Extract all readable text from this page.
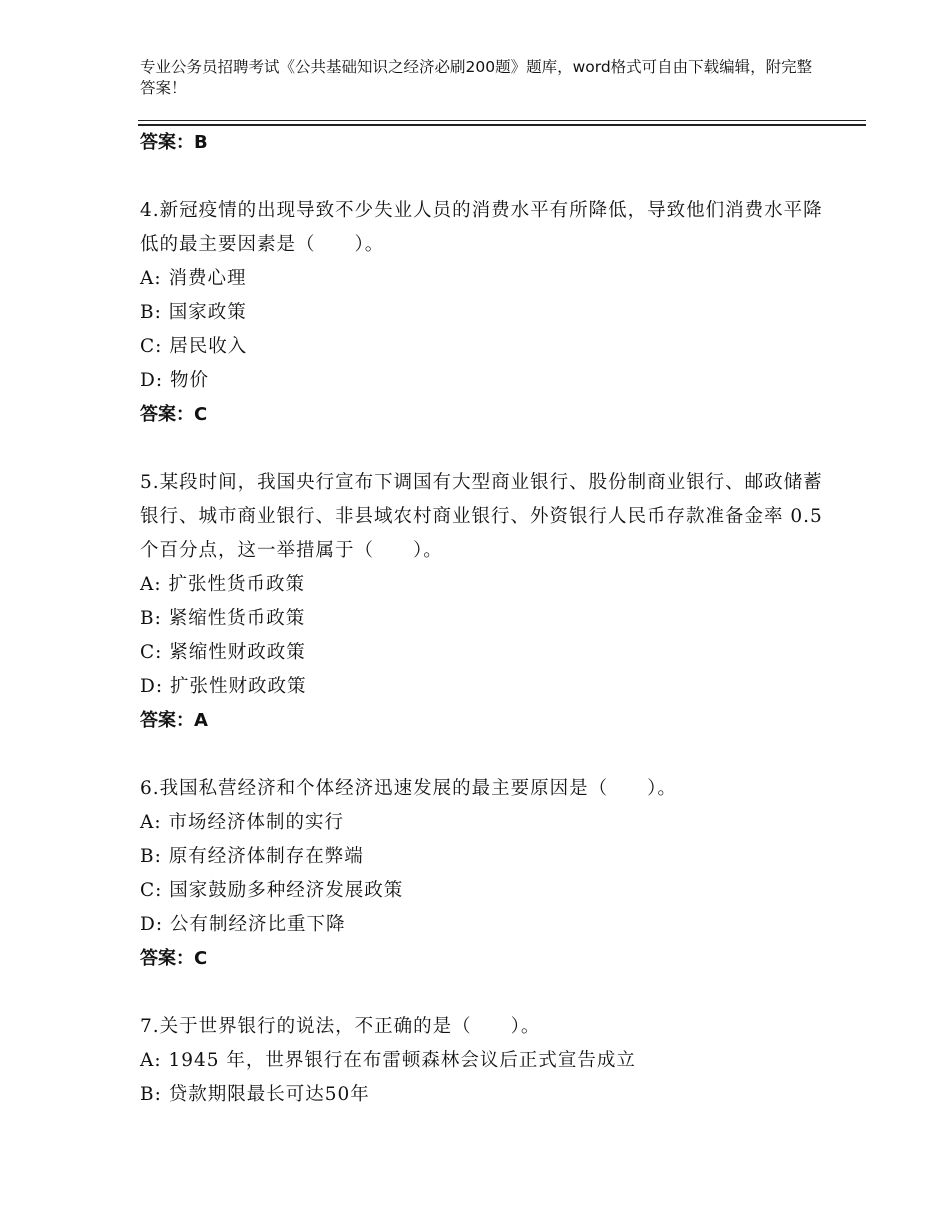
专业公务员招聘考试《公共基础知识之经济必刷200题》题库，word格式可自由下载编辑，附完整答案！
答案：B
4.新冠疫情的出现导致不少失业人员的消费水平有所降低，导致他们消费水平降低的最主要因素是（　　）。
A: 消费心理
B: 国家政策
C: 居民收入
D: 物价
答案：C
5.某段时间，我国央行宣布下调国有大型商业银行、股份制商业银行、邮政储蓄银行、城市商业银行、非县域农村商业银行、外资银行人民币存款准备金率 0.5 个百分点，这一举措属于（　　）。
A: 扩张性货币政策
B: 紧缩性货币政策
C: 紧缩性财政政策
D: 扩张性财政政策
答案：A
6.我国私营经济和个体经济迅速发展的最主要原因是（　　）。
A: 市场经济体制的实行
B: 原有经济体制存在弊端
C: 国家鼓励多种经济发展政策
D: 公有制经济比重下降
答案：C
7.关于世界银行的说法，不正确的是（　　）。
A: 1945 年，世界银行在布雷顿森林会议后正式宣告成立
B: 贷款期限最长可达50年
